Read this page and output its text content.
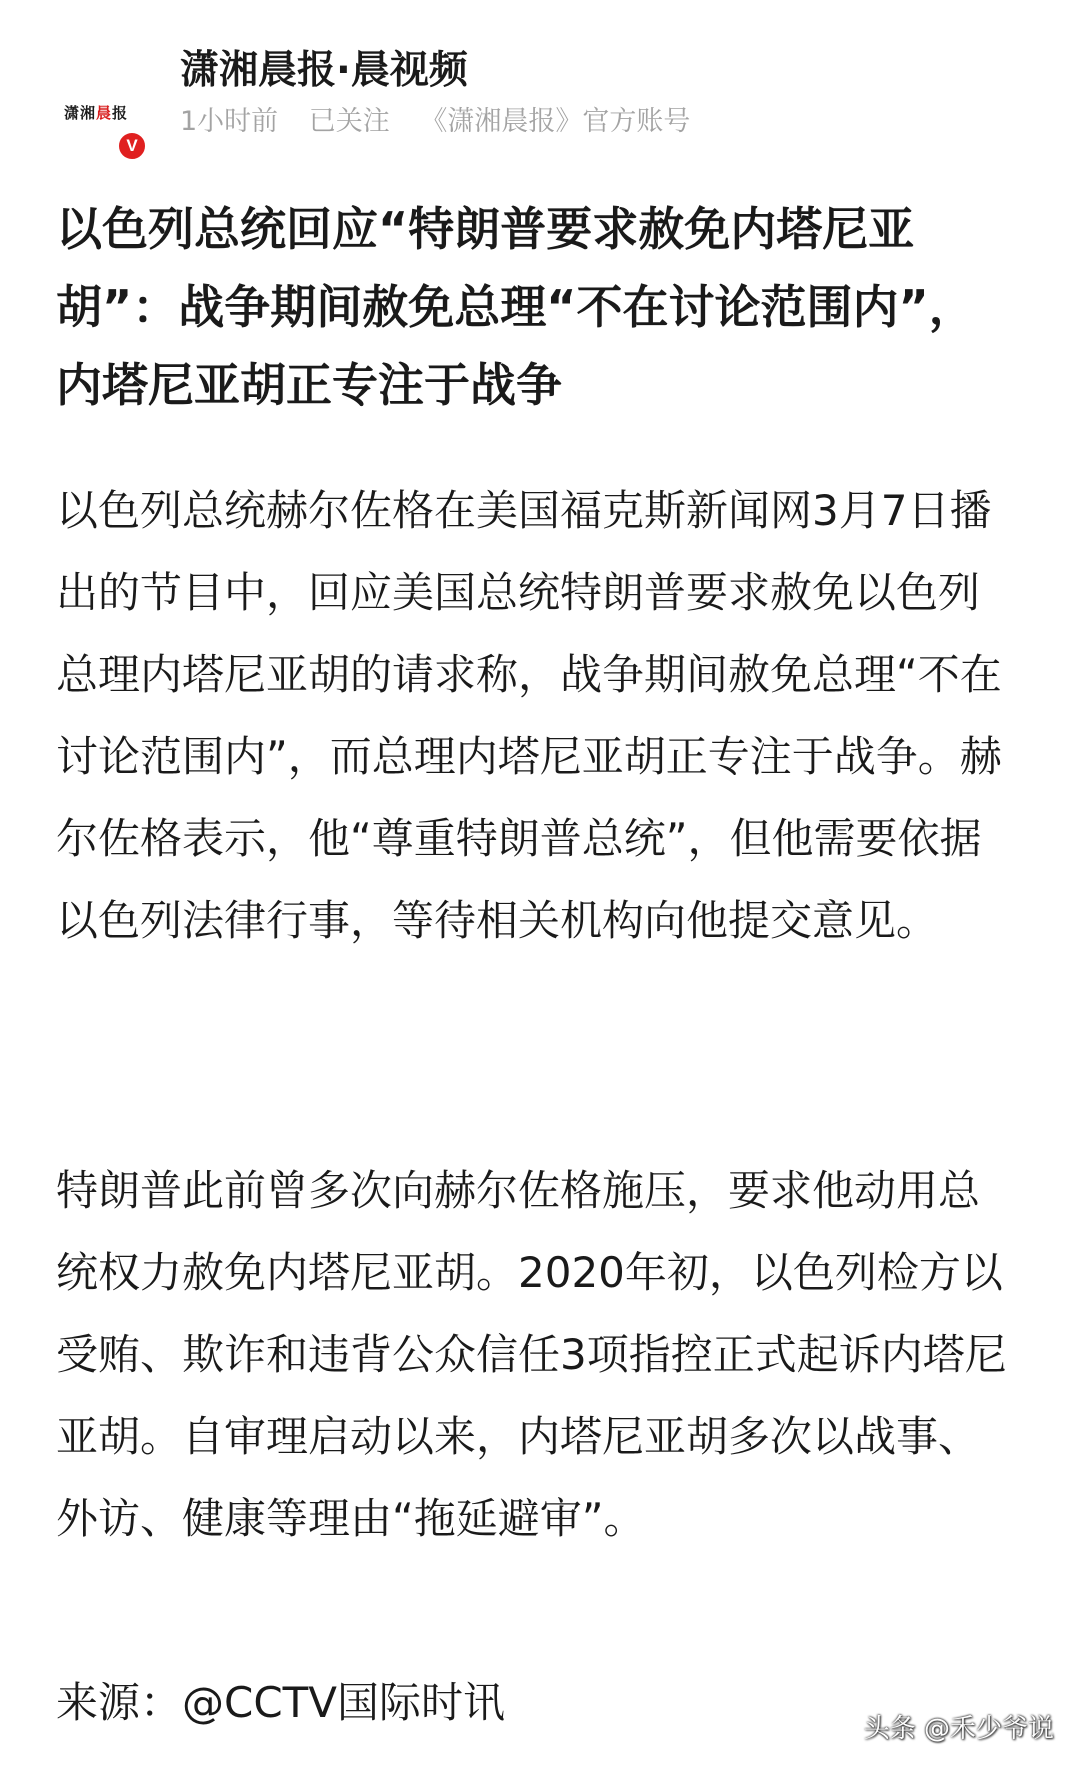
潇湘晨报
V
潇湘晨报·晨视频
1小时前 已关注 《潇湘晨报》官方账号
以色列总统回应“特朗普要求赦免内塔尼亚胡”：战争期间赦免总理“不在讨论范围内”，内塔尼亚胡正专注于战争

以色列总统赫尔佐格在美国福克斯新闻网3月7日播出的节目中，回应美国总统特朗普要求赦免以色列总理内塔尼亚胡的请求称，战争期间赦免总理“不在讨论范围内”，而总理内塔尼亚胡正专注于战争。赫尔佐格表示，他“尊重特朗普总统”，但他需要依据以色列法律行事，等待相关机构向他提交意见。

特朗普此前曾多次向赫尔佐格施压，要求他动用总统权力赦免内塔尼亚胡。2020年初，以色列检方以受贿、欺诈和违背公众信任3项指控正式起诉内塔尼亚胡。自审理启动以来，内塔尼亚胡多次以战事、外访、健康等理由“拖延避审”。

来源：@CCTV国际时讯
头条 @禾少爷说
